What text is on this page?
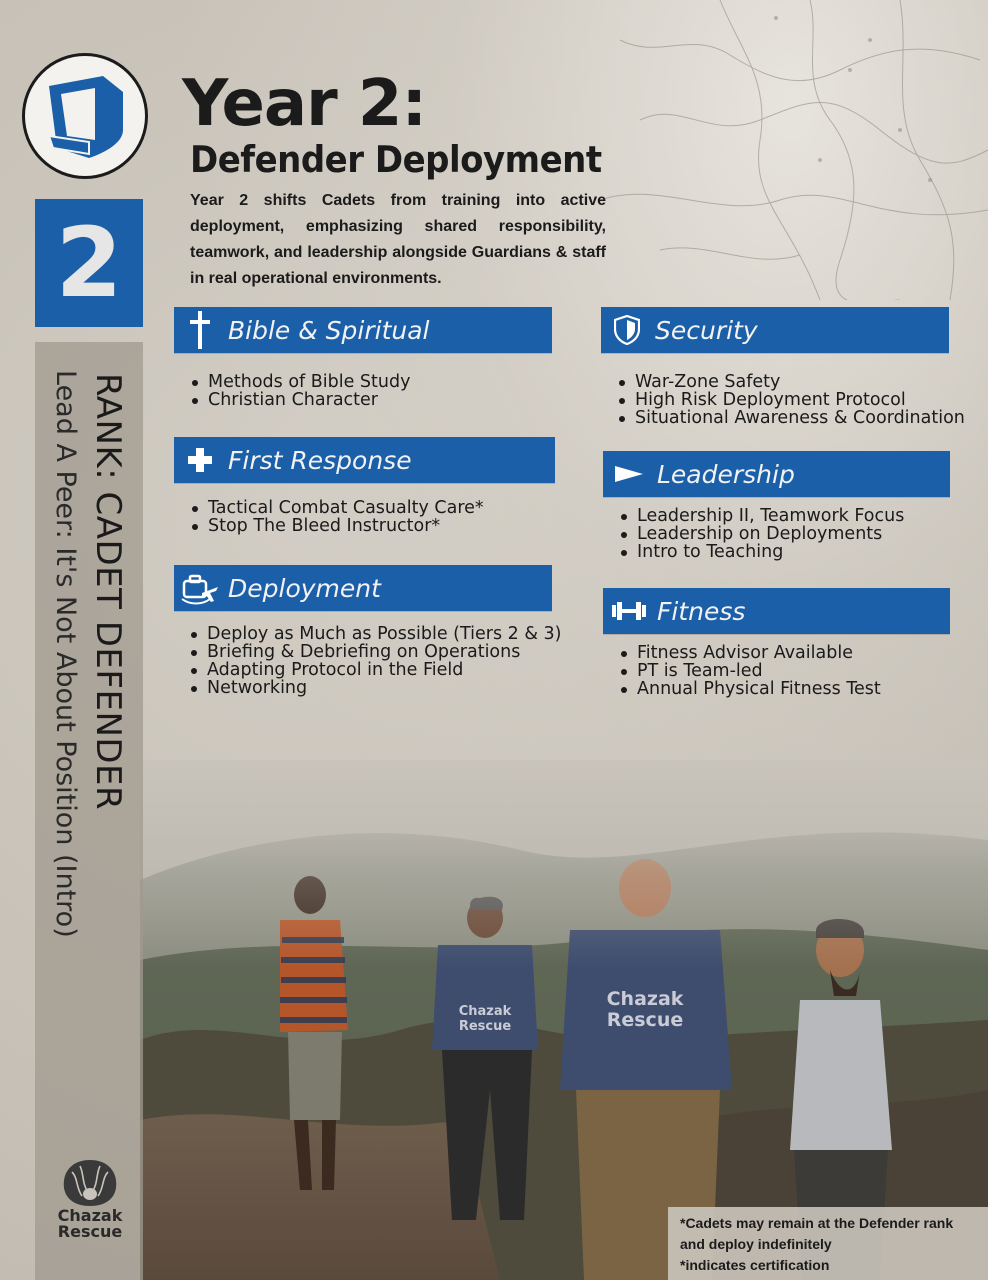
2
RANK: CADET DEFENDER
Lead A Peer: It's Not About Position (Intro)
Chazak
Rescue
Year 2:
Defender Deployment
Year 2 shifts Cadets from training into active deployment, emphasizing shared responsibility, teamwork, and leadership alongside Guardians & staff in real operational environments.
Bible & Spiritual
Methods of Bible Study
Christian Character
First Response
Tactical Combat Casualty Care*
Stop The Bleed Instructor*
Deployment
Deploy as Much as Possible (Tiers 2 & 3)
Briefing & Debriefing on Operations
Adapting Protocol in the Field
Networking
Security
War-Zone Safety
High Risk Deployment Protocol
Situational Awareness & Coordination
Leadership
Leadership II, Teamwork Focus
Leadership on Deployments
Intro to Teaching
Fitness
Fitness Advisor Available
PT is Team-led
Annual Physical Fitness Test
*Cadets may remain at the Defender rank
and deploy indefinitely
*indicates certification
